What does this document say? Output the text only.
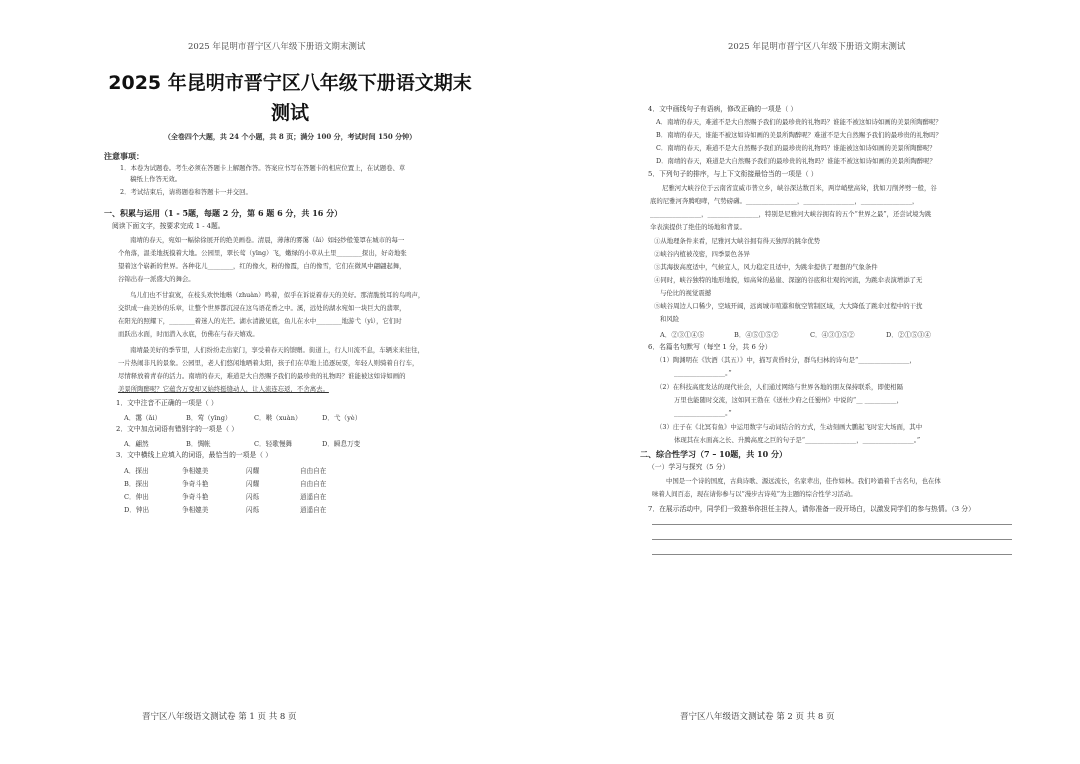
2025 年昆明市晋宁区八年级下册语文期末测试
2025 年昆明市晋宁区八年级下册语文期末
测试
（全卷四个大题，共 24 个小题，共 8 页；满分 100 分，考试时间 150 分钟）
注意事项：
1．本卷为试题卷。考生必须在答题卡上解题作答。答案应书写在答题卡的相应位置上，在试题卷、草
稿纸上作答无效。
2．考试结束后，请将题卷和答题卡一并交回。
一、积累与运用（1 - 5题，每题 2 分，第 6 题 6 分，共 16 分）
阅读下面文字，按要求完成 1 - 4题。
南靖的春天，宛如一幅徐徐展开的绝美画卷。清晨，薄薄的雾霭（ǎi）如轻纱般笼罩在城市的每一
个角落，温柔地抚摸着大地。公园里，翠长莺（yīng）飞，嫩绿的小草从土里________探出，好奇地张
望着这个崭新的世界。各种花儿________，红的像火，粉的像霞，白的像雪，它们在微风中翩翩起舞，
谷锦出春一派盛大的舞会。
鸟儿们也不甘寂寞，在枝头欢快地啭（zhuàn）鸣着，似乎在诉说着春天的美好。那清脆悦耳的鸟鸣声，
交织成一曲美妙的乐章，让整个世界都沉浸在这鸟语花香之中。溪，远处的湖水宛如一块巨大的翡翠，
在阳光的照耀下，________着迷人的光芒。湖水清澈见底，鱼儿在水中________地游弋（yì），它们时
而跃出水面，时而潜入水底，仿佛在与春天嬉戏。
南靖最美好的季节里，人们纷纷走出家门，享受着春天的馈赠。街道上，行人川流不息，车辆来来往往，
一片热闹非凡的景象。公园里，老人们悠闲地晒着太阳，孩子们在草地上追逐玩耍，年轻人则骑着自行车，
尽情释放着青春的活力。南靖的春天，难道是大自然赐予我们的最珍贵的礼物吗？谁能被这如诗如画的
美景所陶醉呢？它蕴含万变却又始终挺缝动人，让人流连忘返，不舍离去。
1．文中注音不正确的一项是（ ）
A．霭（ǎi）	B．莺（yīng）	C．啭（xuàn）	D．弋（yè）
2．文中加点词语有错别字的一项是（ ）
A．翩然	B．惆帐	C．轻歌慢舞	D．瞬息万变
3．文中横线上应填入的词语，最恰当的一项是（ ）
A．探出	争相媲美	闪耀	自由自在
B．探出	争奇斗艳	闪耀	自由自在
C．伸出	争奇斗艳	闪烁	逍遥自在
D．钟出	争相媲美	闪烁	逍遥自在
晋宁区八年级语文测试卷 第 1 页 共 8 页
2025 年昆明市晋宁区八年级下册语文期末测试
4．文中画线句子有语病，修改正确的一项是（ ）
A．南靖的春天，难道不是大自然赐予我们的最珍贵的礼物吗？谁能不被这如诗如画的美景所陶醉呢？
B．南靖的春天，谁能不被这如诗如画的美景所陶醉呢？难道不是大自然赐予我们的最珍贵的礼物吗？
C．南靖的春天，难道不是大自然赐予我们的最珍贵的礼物吗？谁能被这如诗如画的美景所陶醉呢？
D．南靖的春天，难道是大自然赐予我们的最珍贵的礼物吗？谁能不被这如诗如画的美景所陶醉呢？
5．下列句子的排序，与上下文衔接最恰当的一项是（ ）
尼雅河大峡谷位于云南省宣威市普立乡，峡谷深达数百米，两岸峭壁高耸，犹如刀削斧劈一般，谷
底的尼雅河奔腾咆哮，气势磅礴。________________，________________，________________，
________________，________________，特别是尼雅河大峡谷拥有的五个“世界之最”，还尝试境为跳
伞表演提供了绝佳的场地和背景。
①从地理条件来看，尼雅河大峡谷拥有得天独厚的跳伞优势
②峡谷内植被茂密，四季景色各异
③其海拔高度适中，气候宜人，风力稳定且适中，为跳伞提供了理想的气象条件
④同时，峡谷独特的地形地貌，如高耸的悬崖、深邃的谷底和壮观的河流，为跳伞表演增添了无
与伦比的视觉震撼
⑤峡谷周边人口稀少，空域开阔，远离城市喧嚣和航空管制区域，大大降低了跳伞过程中的干扰
和风险
A．②③①④⑤	B．④⑤①⑤②	C．④③①⑤②	D．②①⑤③④
6．名篇名句默写（每空 1 分，共 6 分）
（1）陶渊明在《饮酒（其五）》中，描写黄昏时分，群鸟归林的诗句是“________________，
________________。”
（2）在科技高度发达的现代社会，人们通过网络与世界各地的朋友保持联系，即使相隔
万里也能随时交流，这如同王勃在《送杜少府之任蜀州》中说的“__ __________，
________________。”
（3）庄子在《北冥有鱼》中运用数字与动词结合的方式，生动刻画大鹏起飞时宏大场面，其中
体现其在水面高之长、升腾高度之巨的句子是“________________，________________。”
二、综合性学习（7 – 10题，共 10 分）
（一）学习与探究（5 分）
中国是一个诗的国度，古典诗歌、源远流长，名家辈出，佳作如林。我们吟诵着千古名句，也在体
味着人间百态，现在请你参与以“漫步古诗苑”为主题的综合性学习活动。
7．在展示活动中，同学们一致推举你担任主持人，请你准备一段开场白，以激发同学们的参与热情。（3 分）
晋宁区八年级语文测试卷 第 2 页 共 8 页
